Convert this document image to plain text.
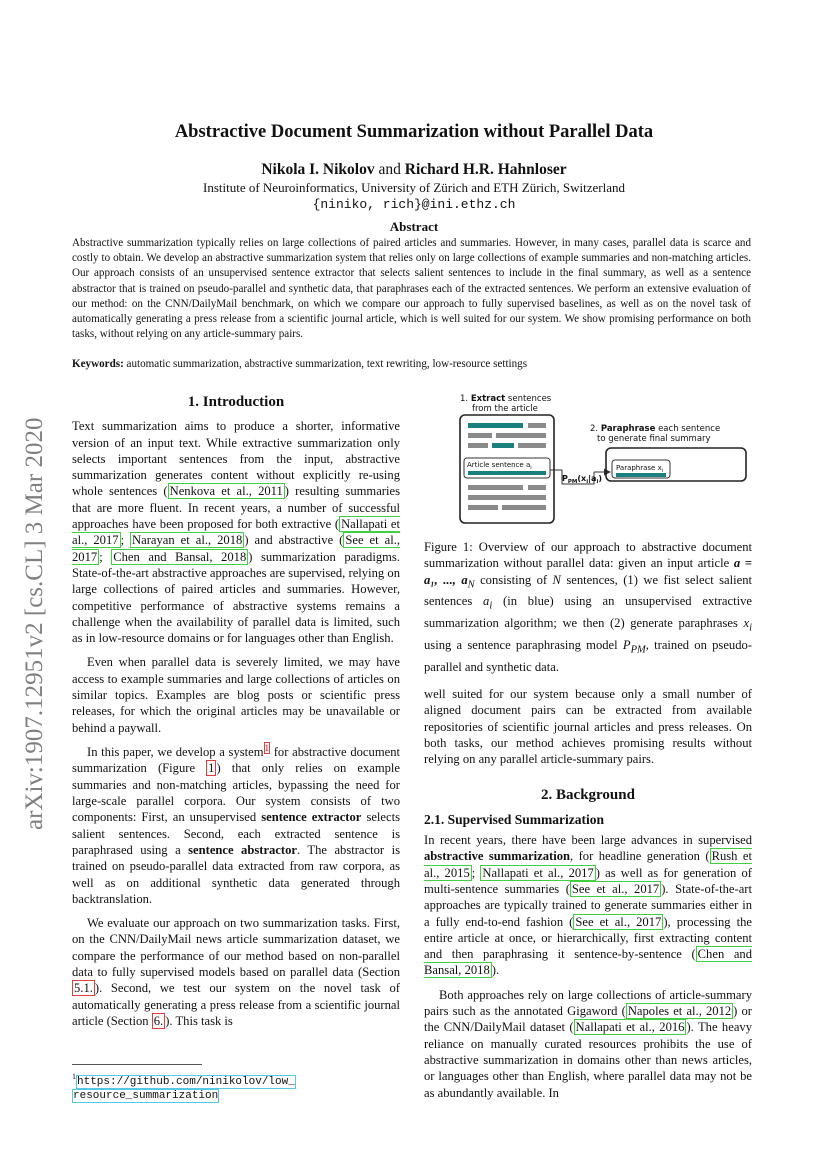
arXiv:1907.12951v2 [cs.CL] 3 Mar 2020
Abstractive Document Summarization without Parallel Data
Nikola I. Nikolov and Richard H.R. Hahnloser
Institute of Neuroinformatics, University of Zürich and ETH Zürich, Switzerland
{niniko, rich}@ini.ethz.ch
Abstract
Abstractive summarization typically relies on large collections of paired articles and summaries. However, in many cases, parallel data is scarce and costly to obtain. We develop an abstractive summarization system that relies only on large collections of example summaries and non-matching articles. Our approach consists of an unsupervised sentence extractor that selects salient sentences to include in the final summary, as well as a sentence abstractor that is trained on pseudo-parallel and synthetic data, that paraphrases each of the extracted sentences. We perform an extensive evaluation of our method: on the CNN/DailyMail benchmark, on which we compare our approach to fully supervised baselines, as well as on the novel task of automatically generating a press release from a scientific journal article, which is well suited for our system. We show promising performance on both tasks, without relying on any article-summary pairs.
Keywords: automatic summarization, abstractive summarization, text rewriting, low-resource settings
1. Introduction

Text summarization aims to produce a shorter, informative version of an input text. While extractive summarization only selects important sentences from the input, abstractive summarization generates content without explicitly re-using whole sentences ( Nenkova et al., 2011 ) resulting summaries that are more fluent. In recent years, a number of successful approaches have been proposed for both extractive ( Nallapati et al., 2017 ; Narayan et al., 2018 ) and abstractive ( See et al., 2017 ; Chen and Bansal, 2018 ) summarization paradigms. State-of-the-art abstractive approaches are supervised, relying on large collections of paired articles and summaries. However, competitive performance of abstractive systems remains a challenge when the availability of parallel data is limited, such as in low-resource domains or for languages other than English.

Even when parallel data is severely limited, we may have access to example summaries and large collections of articles on similar topics. Examples are blog posts or scientific press releases, for which the original articles may be unavailable or behind a paywall.

In this paper, we develop a system$^1$ for abstractive document summarization (Figure 1 ) that only relies on example summaries and non-matching articles, bypassing the need for large-scale parallel corpora. Our system consists of two components: First, an unsupervised sentence extractor selects salient sentences. Second, each extracted sentence is paraphrased using a sentence abstractor. The abstractor is trained on pseudo-parallel data extracted from raw corpora, as well as on additional synthetic data generated through backtranslation.

We evaluate our approach on two summarization tasks. First, on the CNN/DailyMail news article summarization dataset, we compare the performance of our method based on non-parallel data to fully supervised models based on parallel data (Section 5.1. ). Second, we test our system on the novel task of automatically generating a press release from a scientific journal article (Section 6. ). This task is

1. Extract sentences
from the article
Article sentence $a_i$
$P_{PM}(x_i|a_i)$
2. Paraphrase each sentence
to generate final summary
Paraphrase $x_i$
Figure 1: Overview of our approach to abstractive document summarization without parallel data: given an input article a = a₁, ..., $a_N$ consisting of N sentences, (1) we fist select salient sentences $a_i$ (in blue) using an unsupervised extractive summarization algorithm; we then (2) generate paraphrases $x_i$ using a sentence paraphrasing model $P_{PM}$, trained on pseudo-parallel and synthetic data.

well suited for our system because only a small number of aligned document pairs can be extracted from available repositories of scientific journal articles and press releases. On both tasks, our method achieves promising results without relying on any parallel article-summary pairs.

2. Background
2.1. Supervised Summarization

In recent years, there have been large advances in supervised abstractive summarization, for headline generation ( Rush et al., 2015 ; Nallapati et al., 2017 ) as well as for generation of multi-sentence summaries ( See et al., 2017 ). State-of-the-art approaches are typically trained to generate summaries either in a fully end-to-end fashion ( See et al., 2017 ), processing the entire article at once, or hierarchically, first extracting content and then paraphrasing it sentence-by-sentence ( Chen and Bansal, 2018 ).

Both approaches rely on large collections of article-summary pairs such as the annotated Gigaword ( Napoles et al., 2012 ) or the CNN/DailyMail dataset ( Nallapati et al., 2016 ). The heavy reliance on manually curated resources prohibits the use of abstractive summarization in domains other than news articles, or languages other than English, where parallel data may not be as abundantly available. In

$^1$https://github.com/ninikolov/low_
resource_summarization
